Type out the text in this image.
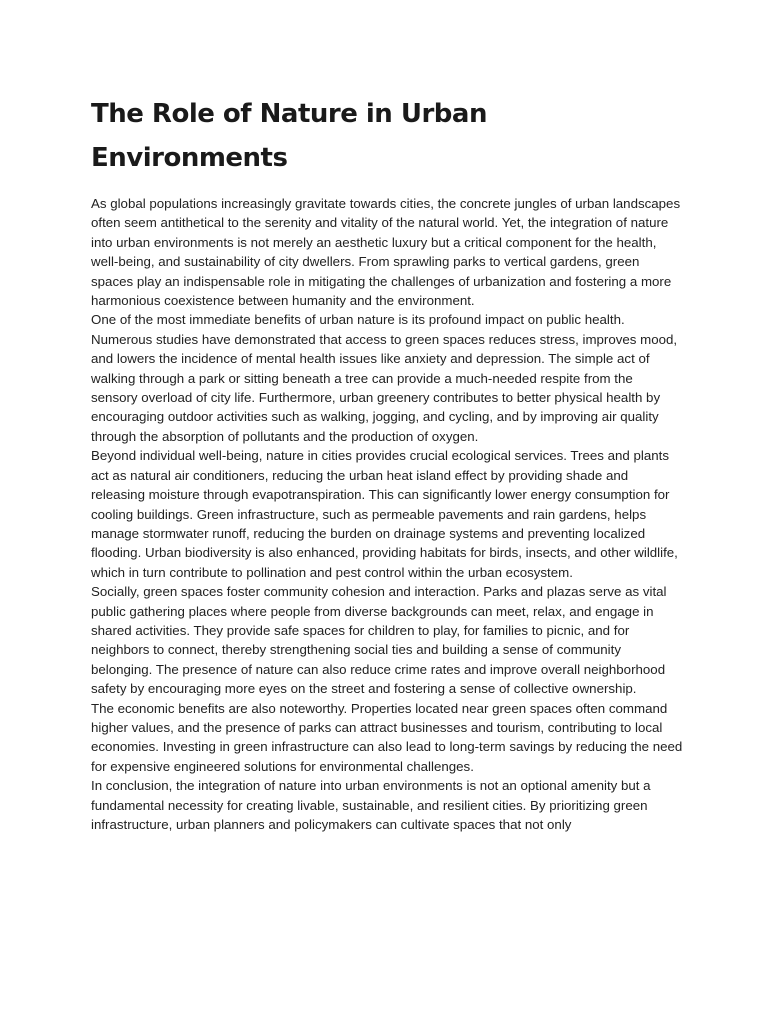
The Role of Nature in Urban Environments

As global populations increasingly gravitate towards cities, the concrete jungles of urban landscapes often seem antithetical to the serenity and vitality of the natural world. Yet, the integration of nature into urban environments is not merely an aesthetic luxury but a critical component for the health, well-being, and sustainability of city dwellers. From sprawling parks to vertical gardens, green spaces play an indispensable role in mitigating the challenges of urbanization and fostering a more harmonious coexistence between humanity and the environment.

One of the most immediate benefits of urban nature is its profound impact on public health. Numerous studies have demonstrated that access to green spaces reduces stress, improves mood, and lowers the incidence of mental health issues like anxiety and depression. The simple act of walking through a park or sitting beneath a tree can provide a much-needed respite from the sensory overload of city life. Furthermore, urban greenery contributes to better physical health by encouraging outdoor activities such as walking, jogging, and cycling, and by improving air quality through the absorption of pollutants and the production of oxygen.

Beyond individual well-being, nature in cities provides crucial ecological services. Trees and plants act as natural air conditioners, reducing the urban heat island effect by providing shade and releasing moisture through evapotranspiration. This can significantly lower energy consumption for cooling buildings. Green infrastructure, such as permeable pavements and rain gardens, helps manage stormwater runoff, reducing the burden on drainage systems and preventing localized flooding. Urban biodiversity is also enhanced, providing habitats for birds, insects, and other wildlife, which in turn contribute to pollination and pest control within the urban ecosystem.

Socially, green spaces foster community cohesion and interaction. Parks and plazas serve as vital public gathering places where people from diverse backgrounds can meet, relax, and engage in shared activities. They provide safe spaces for children to play, for families to picnic, and for neighbors to connect, thereby strengthening social ties and building a sense of community belonging. The presence of nature can also reduce crime rates and improve overall neighborhood safety by encouraging more eyes on the street and fostering a sense of collective ownership.

The economic benefits are also noteworthy. Properties located near green spaces often command higher values, and the presence of parks can attract businesses and tourism, contributing to local economies. Investing in green infrastructure can also lead to long-term savings by reducing the need for expensive engineered solutions for environmental challenges.

In conclusion, the integration of nature into urban environments is not an optional amenity but a fundamental necessity for creating livable, sustainable, and resilient cities. By prioritizing green infrastructure, urban planners and policymakers can cultivate spaces that not only
